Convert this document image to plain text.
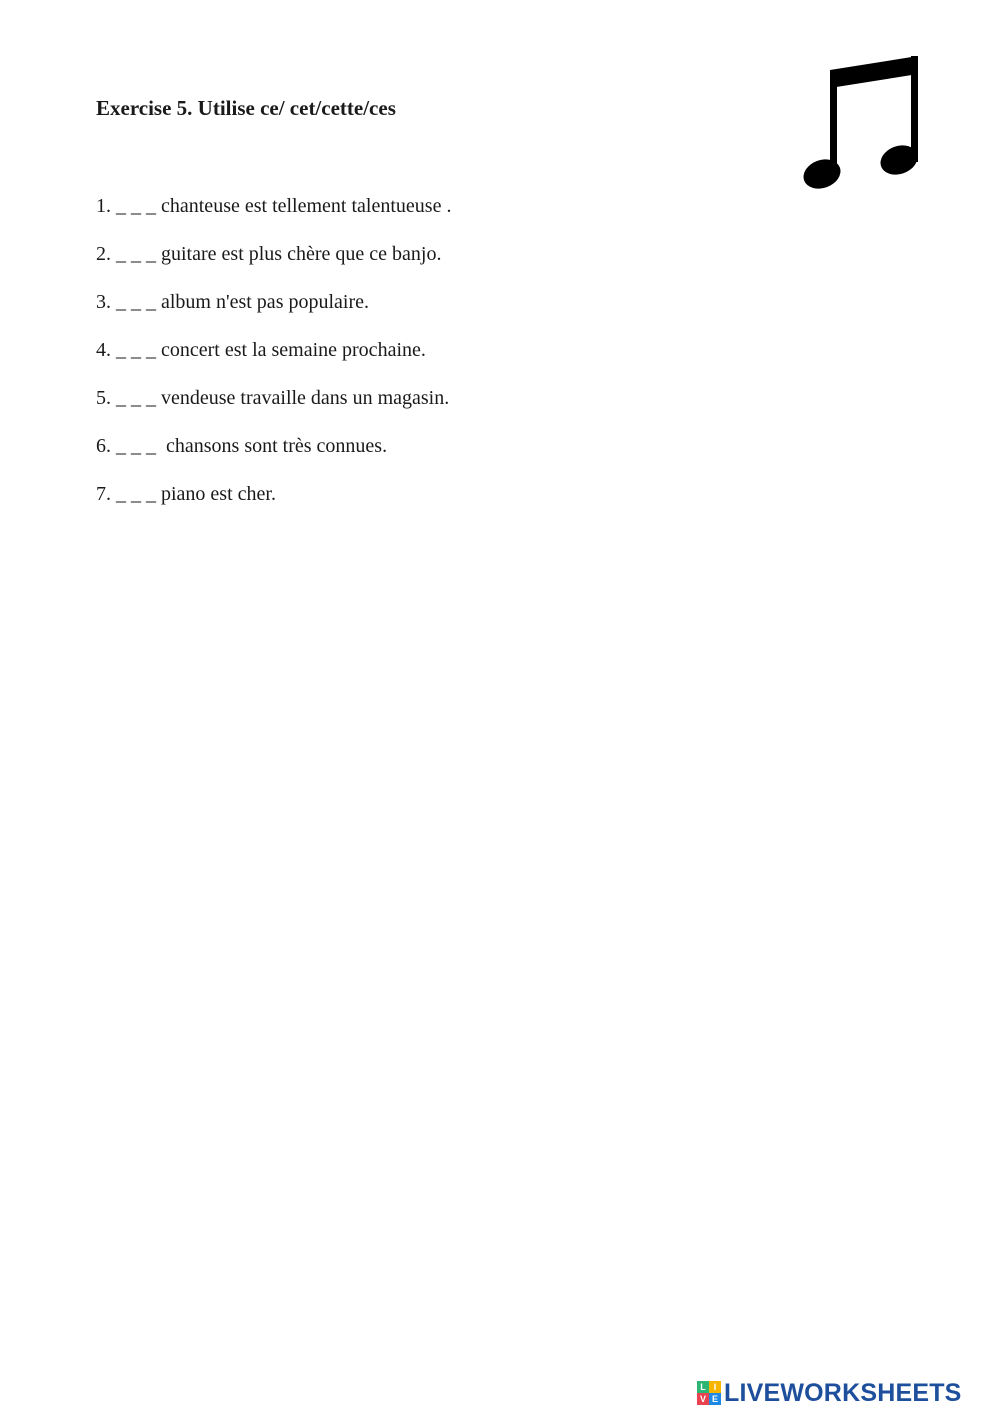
Exercise 5. Utilise ce/ cet/cette/ces
1. _ _ _ chanteuse est tellement talentueuse .
2. _ _ _ guitare est plus chère que ce banjo.
3. _ _ _ album n'est pas populaire.
4. _ _ _ concert est la semaine prochaine.
5. _ _ _ vendeuse travaille dans un magasin.
6. _ _ _  chansons sont très connues.
7. _ _ _ piano est cher.
L I
V E LIVEWORKSHEETS
